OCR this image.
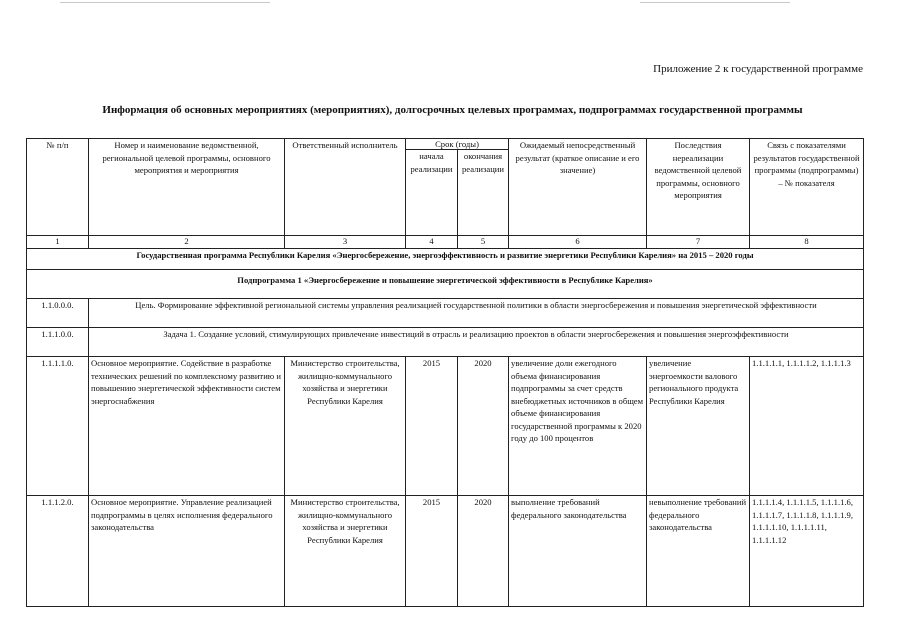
Приложение 2 к государственной программе
Информация об основных мероприятиях (мероприятиях), долгосрочных целевых программах, подпрограммах государственной программы
№ п/п	Номер и наименование ведомственной, региональной целевой программы, основного мероприятия и мероприятия	Ответственный исполнитель	Срок (годы)		Ожидаемый непосредственный результат (краткое описание и его значение)	Последствия нереализации ведомственной целевой программы, основного мероприятия	Связь с показателями результатов государственной программы (подпрограммы) – № показателя
			начала реализации	окончания реализации			
1	2	3	4	5	6	7	8
Государственная программа Республики Карелия «Энергосбережение, энергоэффективность и развитие энергетики Республики Карелия» на 2015 – 2020 годы							
Подпрограмма 1 «Энергосбережение и повышение энергетической эффективности в Республике Карелия»							
1.1.0.0.0.	Цель. Формирование эффективной региональной системы управления реализацией государственной политики в области энергосбережения и повышения энергетической эффективности						
1.1.1.0.0.	Задача 1. Создание условий, стимулирующих привлечение инвестиций в отрасль и реализацию проектов в области энергосбережения и повышения энергоэффективности						
1.1.1.1.0.	Основное мероприятие. Содействие в разработке технических решений по комплексному развитию и повышению энергетической эффективности систем энергоснабжения	Министерство строительства, жилищно-коммунального хозяйства и энергетики Республики Карелия	2015	2020	увеличение доли ежегодного объема финансирования подпрограммы за счет средств внебюджетных источников в общем объеме финансирования государственной программы к 2020 году до 100 процентов	увеличение энергоемкости валового регионального продукта Республики Карелия	1.1.1.1.1, 1.1.1.1.2, 1.1.1.1.3
1.1.1.2.0.	Основное мероприятие. Управление реализацией подпрограммы в целях исполнения федерального законодательства	Министерство строительства, жилищно-коммунального хозяйства и энергетики Республики Карелия	2015	2020	выполнение требований федерального законодательства	невыполнение требований федерального законодательства	1.1.1.1.4, 1.1.1.1.5, 1.1.1.1.6, 1.1.1.1.7, 1.1.1.1.8, 1.1.1.1.9, 1.1.1.1.10, 1.1.1.1.11, 1.1.1.1.12
